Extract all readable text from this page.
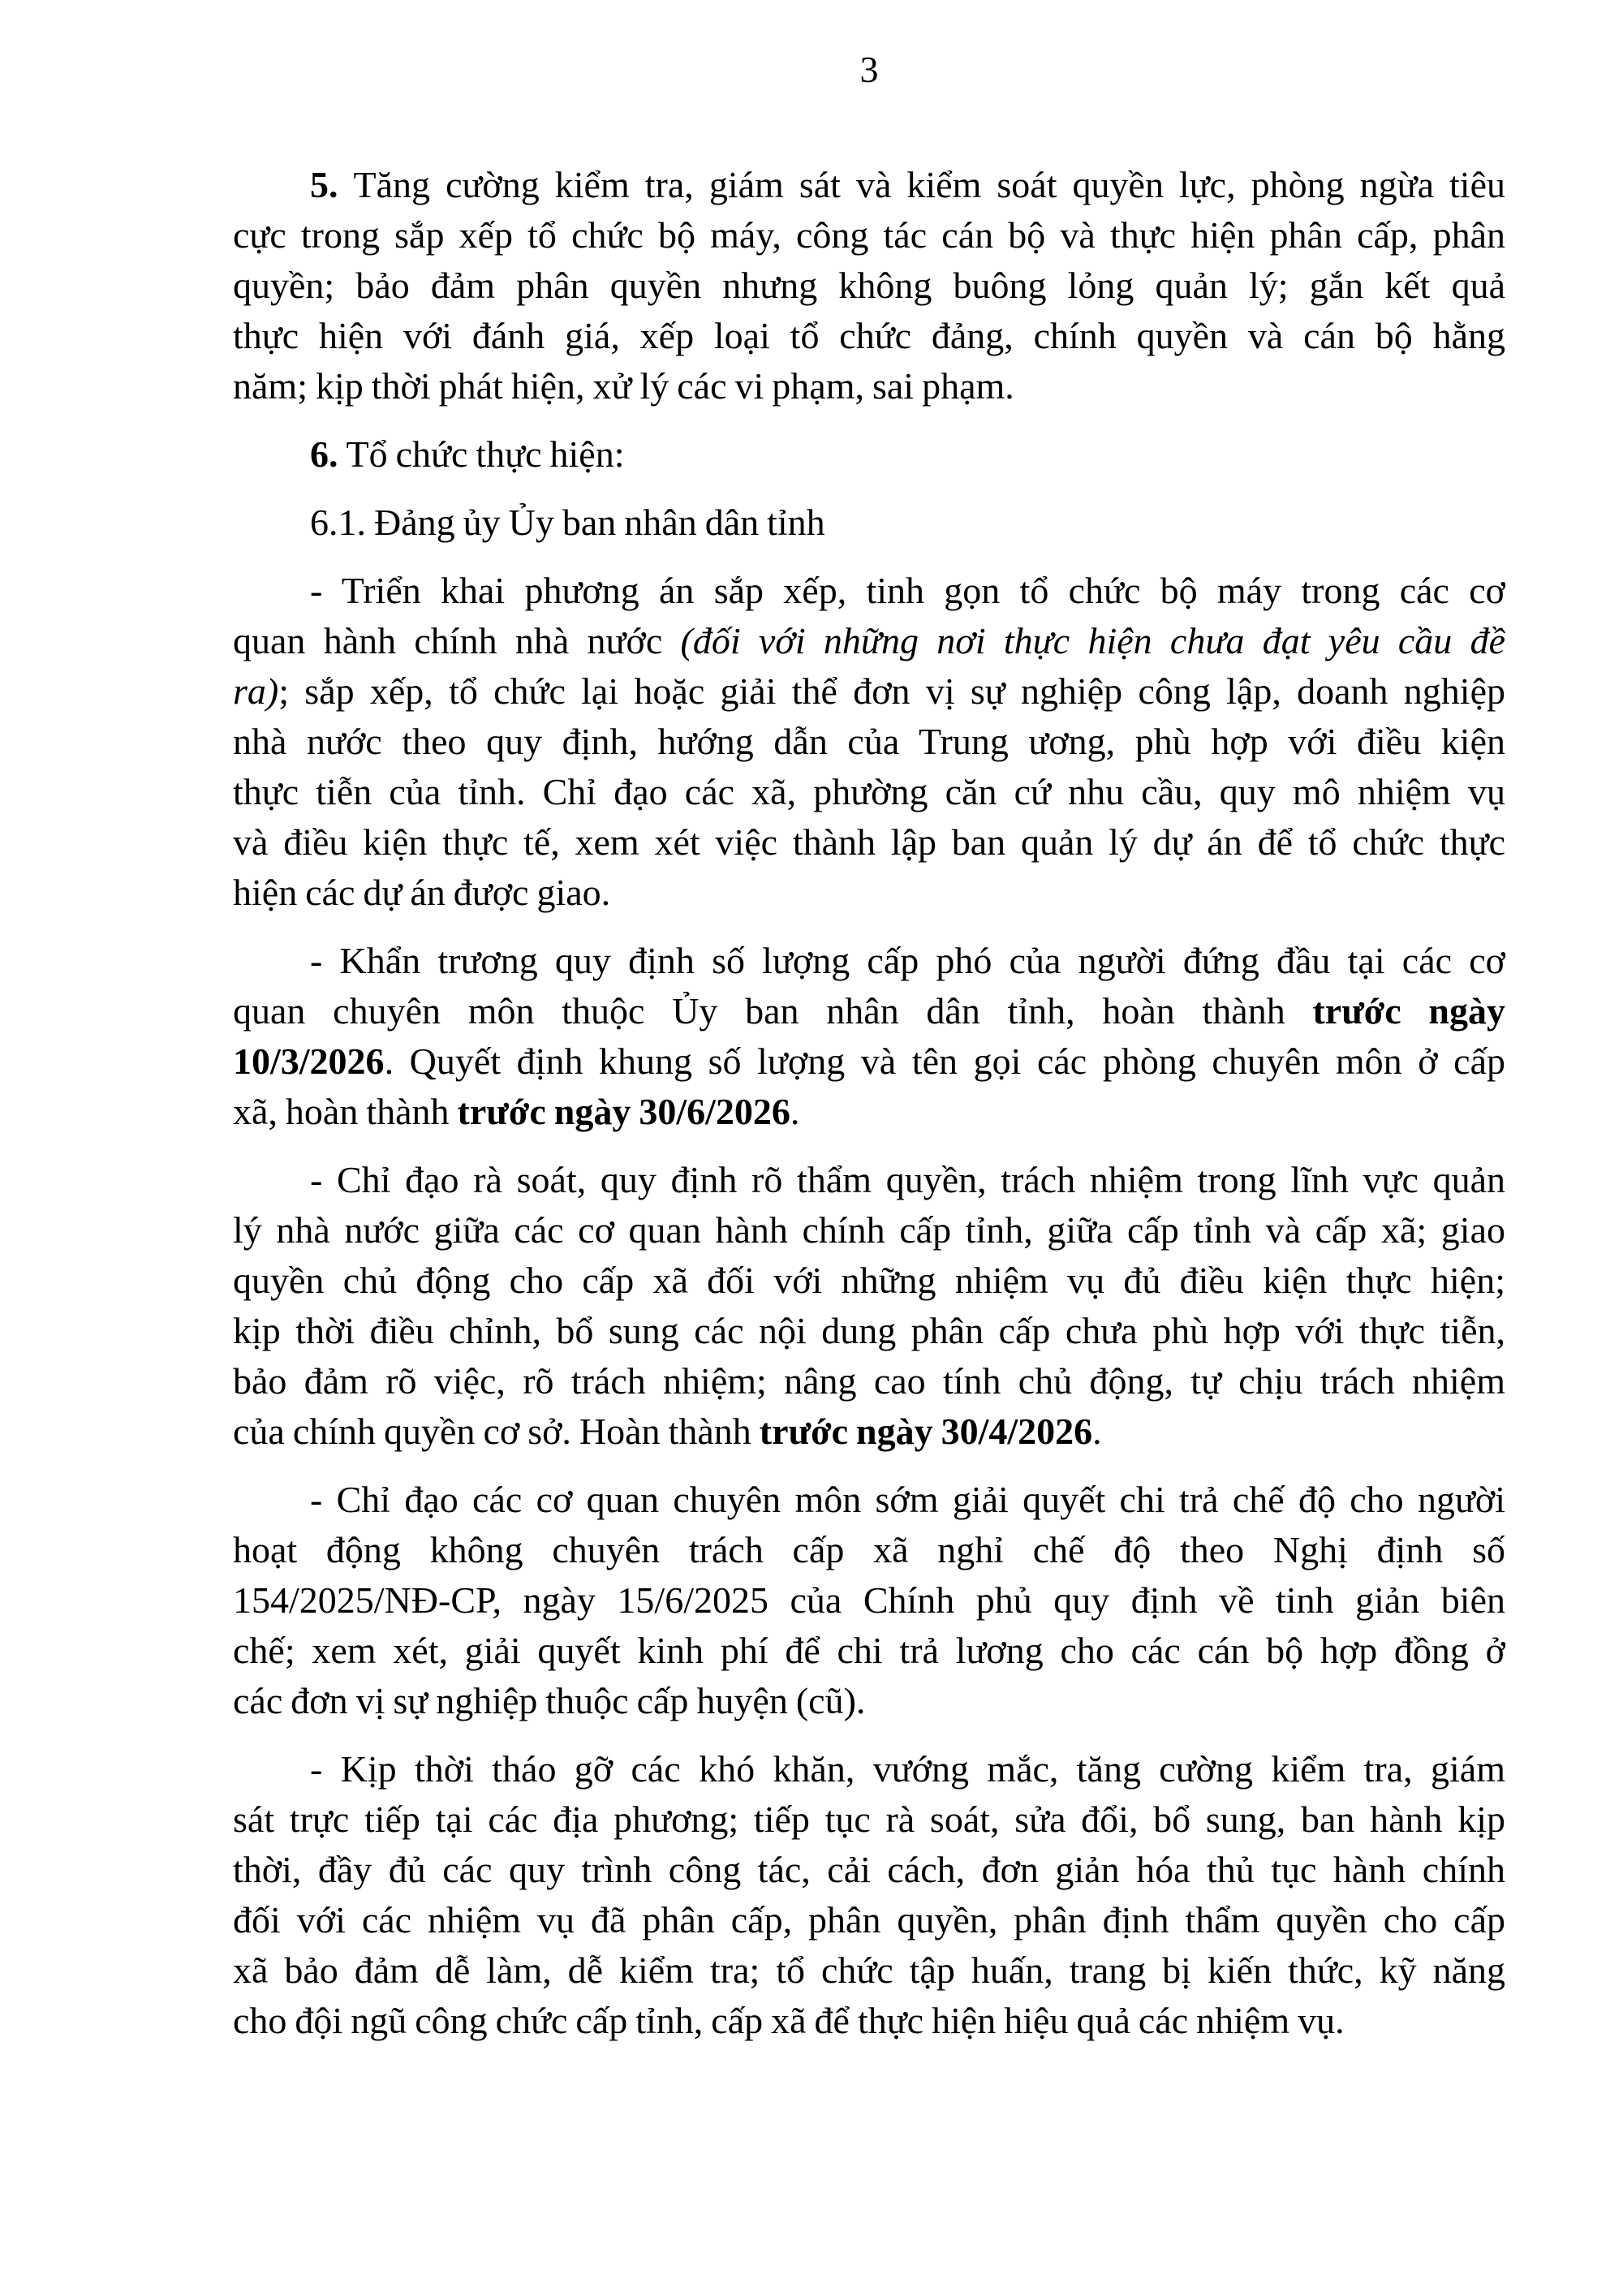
3

5. Tăng cường kiểm tra, giám sát và kiểm soát quyền lực, phòng ngừa tiêu
cực trong sắp xếp tổ chức bộ máy, công tác cán bộ và thực hiện phân cấp, phân
quyền; bảo đảm phân quyền nhưng không buông lỏng quản lý; gắn kết quả
thực hiện với đánh giá, xếp loại tổ chức đảng, chính quyền và cán bộ hằng
năm; kịp thời phát hiện, xử lý các vi phạm, sai phạm.

6. Tổ chức thực hiện:

6.1. Đảng ủy Ủy ban nhân dân tỉnh

- Triển khai phương án sắp xếp, tinh gọn tổ chức bộ máy trong các cơ
quan hành chính nhà nước (đối với những nơi thực hiện chưa đạt yêu cầu đề
ra); sắp xếp, tổ chức lại hoặc giải thể đơn vị sự nghiệp công lập, doanh nghiệp
nhà nước theo quy định, hướng dẫn của Trung ương, phù hợp với điều kiện
thực tiễn của tỉnh. Chỉ đạo các xã, phường căn cứ nhu cầu, quy mô nhiệm vụ
và điều kiện thực tế, xem xét việc thành lập ban quản lý dự án để tổ chức thực
hiện các dự án được giao.

- Khẩn trương quy định số lượng cấp phó của người đứng đầu tại các cơ
quan chuyên môn thuộc Ủy ban nhân dân tỉnh, hoàn thành trước ngày
10/3/2026. Quyết định khung số lượng và tên gọi các phòng chuyên môn ở cấp
xã, hoàn thành trước ngày 30/6/2026.

- Chỉ đạo rà soát, quy định rõ thẩm quyền, trách nhiệm trong lĩnh vực quản
lý nhà nước giữa các cơ quan hành chính cấp tỉnh, giữa cấp tỉnh và cấp xã; giao
quyền chủ động cho cấp xã đối với những nhiệm vụ đủ điều kiện thực hiện;
kịp thời điều chỉnh, bổ sung các nội dung phân cấp chưa phù hợp với thực tiễn,
bảo đảm rõ việc, rõ trách nhiệm; nâng cao tính chủ động, tự chịu trách nhiệm
của chính quyền cơ sở. Hoàn thành trước ngày 30/4/2026.

- Chỉ đạo các cơ quan chuyên môn sớm giải quyết chi trả chế độ cho người
hoạt động không chuyên trách cấp xã nghỉ chế độ theo Nghị định số
154/2025/NĐ-CP, ngày 15/6/2025 của Chính phủ quy định về tinh giản biên
chế; xem xét, giải quyết kinh phí để chi trả lương cho các cán bộ hợp đồng ở
các đơn vị sự nghiệp thuộc cấp huyện (cũ).

- Kịp thời tháo gỡ các khó khăn, vướng mắc, tăng cường kiểm tra, giám
sát trực tiếp tại các địa phương; tiếp tục rà soát, sửa đổi, bổ sung, ban hành kịp
thời, đầy đủ các quy trình công tác, cải cách, đơn giản hóa thủ tục hành chính
đối với các nhiệm vụ đã phân cấp, phân quyền, phân định thẩm quyền cho cấp
xã bảo đảm dễ làm, dễ kiểm tra; tổ chức tập huấn, trang bị kiến thức, kỹ năng
cho đội ngũ công chức cấp tỉnh, cấp xã để thực hiện hiệu quả các nhiệm vụ.
